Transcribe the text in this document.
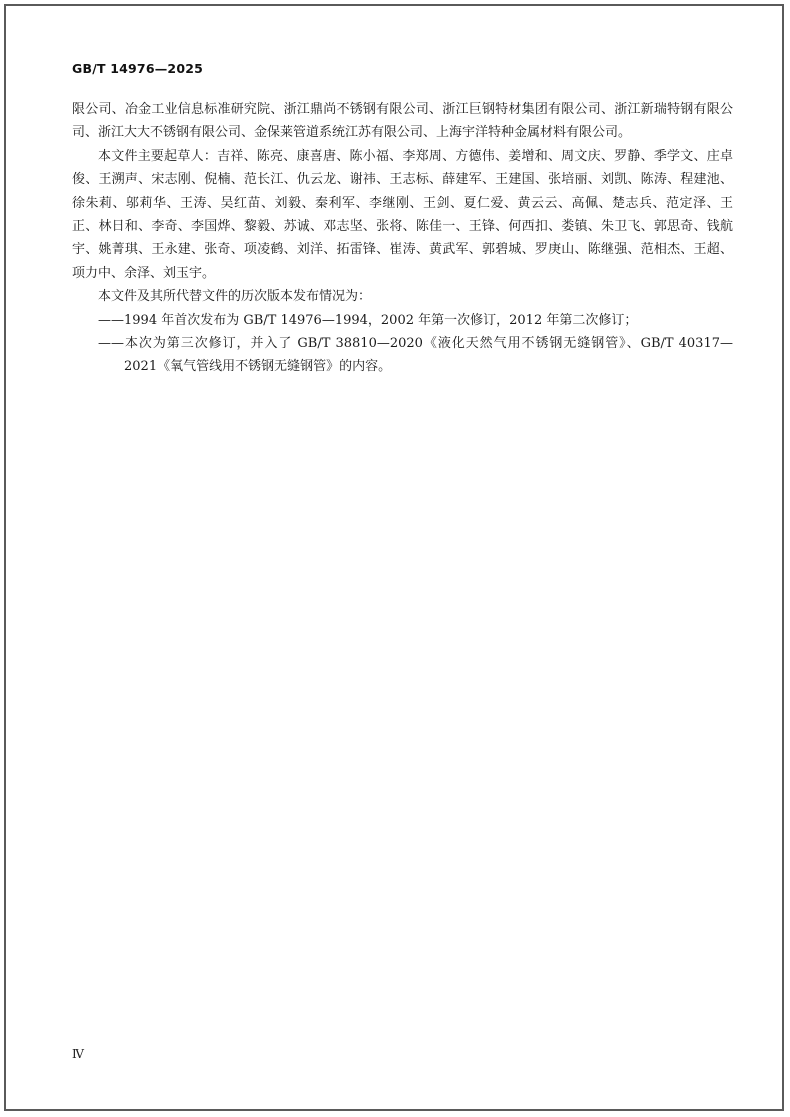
GB/T 14976—2025

限公司、冶金工业信息标准研究院、浙江鼎尚不锈钢有限公司、浙江巨钢特材集团有限公司、浙江新瑞特钢有限公司、浙江大大不锈钢有限公司、金保莱管道系统江苏有限公司、上海宇洋特种金属材料有限公司。

本文件主要起草人：吉祥、陈亮、康喜唐、陈小福、李郑周、方德伟、姜增和、周文庆、罗静、季学文、庄卓俊、王溯声、宋志刚、倪楠、范长江、仇云龙、谢祎、王志标、薛建军、王建国、张培丽、刘凯、陈涛、程建池、徐朱莉、邬莉华、王涛、吴红苗、刘毅、秦利军、李继刚、王剑、夏仁爱、黄云云、高佩、楚志兵、范定泽、王正、林日和、李奇、李国烨、黎毅、苏诚、邓志坚、张将、陈佳一、王锋、何西扣、娄镇、朱卫飞、郭思奇、钱航宇、姚菁琪、王永建、张奇、项凌鹤、刘洋、拓雷锋、崔涛、黄武军、郭碧城、罗庚山、陈继强、范相杰、王超、项力中、余泽、刘玉宇。

本文件及其所代替文件的历次版本发布情况为：

——1994 年首次发布为 GB/T 14976—1994，2002 年第一次修订，2012 年第二次修订；

——本次为第三次修订，并入了 GB/T 38810—2020《液化天然气用不锈钢无缝钢管》、GB/T 40317—2021《氧气管线用不锈钢无缝钢管》的内容。

Ⅳ
